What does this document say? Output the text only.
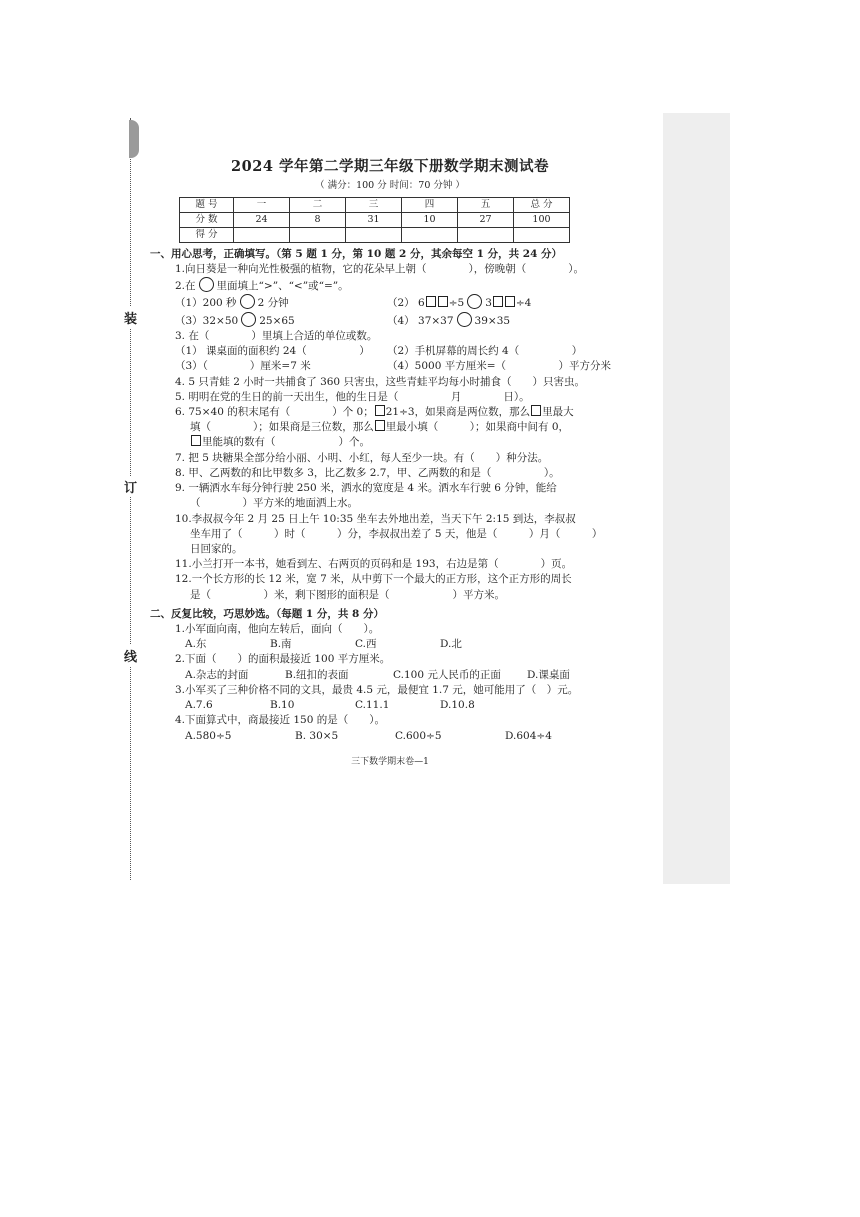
装
订
线
2024 学年第二学期三年级下册数学期末测试卷
（ 满分：100 分 时间：70 分钟 ）
题 号	一	二	三	四	五	总 分
分 数	24	8	31	10	27	100
得 分						
一、用心思考，正确填写。（第 5 题 1 分，第 10 题 2 分，其余每空 1 分，共 24 分）
1.向日葵是一种向光性极强的植物，它的花朵早上朝（　　　　），傍晚朝（　　　　）。
2.在 里面填上“>”、“<”或“=”。
（1）200 秒 2 分钟	（2） 6 ÷5 3 ÷4
（3）32×50 25×65	（4） 37×37 39×35
3. 在（　　　　）里填上合适的单位或数。
（1） 课桌面的面积约 24（　　　　　）	（2）手机屏幕的周长约 4（　　　　　）
（3）（　　　　）厘米=7 米	（4）5000 平方厘米=（　　　　　）平方分米
4. 5 只青蛙 2 小时一共捕食了 360 只害虫，这些青蛙平均每小时捕食（　　）只害虫。
5. 明明在党的生日的前一天出生，他的生日是（　　　　　月　　　　日）。
6. 75×40 的积末尾有（　　　　）个 0； 21÷3，如果商是两位数，那么 里最大
填（　　　　）；如果商是三位数，那么 里最小填（　　　）；如果商中间有 0，
里能填的数有（　　　　　　）个。
7. 把 5 块糖果全部分给小丽、小明、小红，每人至少一块。有（　　）种分法。
8. 甲、乙两数的和比甲数多 3，比乙数多 2.7，甲、乙两数的和是（　　　　　）。
9. 一辆洒水车每分钟行驶 250 米，洒水的宽度是 4 米。洒水车行驶 6 分钟，能给
（　　　　）平方米的地面洒上水。
10.李叔叔今年 2 月 25 日上午 10:35 坐车去外地出差，当天下午 2:15 到达，李叔叔
坐车用了（　　　）时（　　　）分，李叔叔出差了 5 天，他是（　　　）月（　　　）
日回家的。
11.小兰打开一本书，她看到左、右两页的页码和是 193，右边是第（　　　　）页。
12.一个长方形的长 12 米，宽 7 米，从中剪下一个最大的正方形，这个正方形的周长
是（　　　　　）米，剩下图形的面积是（　　　　　　）平方米。
二、反复比较，巧思妙选。（每题 1 分，共 8 分）
1.小军面向南，他向左转后，面向（　　）。
A.东	B.南	C.西	D.北
2.下面（　　）的面积最接近 100 平方厘米。
A.杂志的封面	B.纽扣的表面	C.100 元人民币的正面	D.课桌面
3.小军买了三种价格不同的文具，最贵 4.5 元，最便宜 1.7 元，她可能用了（　）元。
A.7.6	B.10	C.11.1	D.10.8
4.下面算式中，商最接近 150 的是（　　）。
A.580÷5	B. 30×5	C.600÷5	D.604÷4
三下数学期末卷—1
